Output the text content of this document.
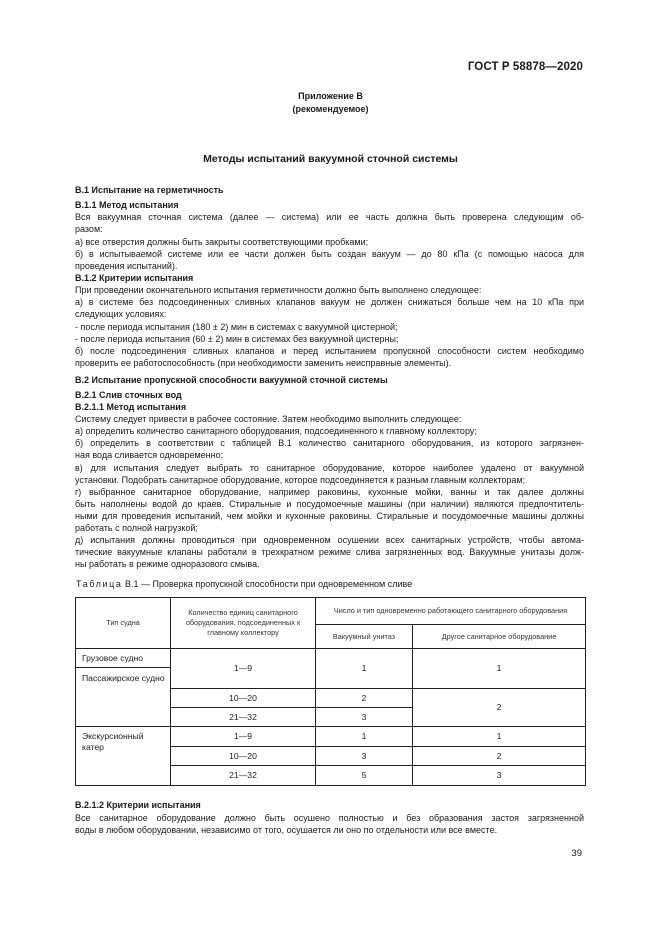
ГОСТ Р 58878—2020
Приложение В
(рекомендуемое)
Методы испытаний вакуумной сточной системы
В.1 Испытание на герметичность
В.1.1 Метод испытания
Вся вакуумная сточная система (далее — система) или ее часть должна быть проверена следующим об-
разом:
а) все отверстия должны быть закрыты соответствующими пробками;
б) в испытываемой системе или ее части должен быть создан вакуум — до 80 кПа (с помощью насоса для
проведения испытаний).
В.1.2 Критерии испытания
При проведении окончательного испытания герметичности должно быть выполнено следующее:
а) в системе без подсоединенных сливных клапанов вакуум не должен снижаться больше чем на 10 кПа при
следующих условиях:
- после периода испытания (180 ± 2) мин в системах с вакуумной цистерной;
- после периода испытания (60 ± 2) мин в системах без вакуумной цистерны;
б) после подсоединения сливных клапанов и перед испытанием пропускной способности систем необходимо
проверить ее работоспособность (при необходимости заменить неисправные элементы).
В.2 Испытание пропускной способности вакуумной сточной системы
В.2.1 Слив сточных вод
В.2.1.1 Метод испытания
Систему следует привести в рабочее состояние. Затем необходимо выполнить следующее:
а) определить количество санитарного оборудования, подсоединенного к главному коллектору;
б) определить в соответствии с таблицей В.1 количество санитарного оборудования, из которого загрязнен-
ная вода сливается одновременно;
в) для испытания следует выбрать то санитарное оборудование, которое наиболее удалено от вакуумной
установки. Подобрать санитарное оборудование, которое подсоединяется к разным главным коллекторам;
г) выбранное санитарное оборудование, например раковины, кухонные мойки, ванны и так далее должны
быть наполнены водой до краев. Стиральные и посудомоечные машины (при наличии) являются предпочтитель-
ными для проведения испытаний, чем мойки и кухонные раковины. Стиральные и посудомоечные машины должны
работать с полной нагрузкой;
д) испытания должны проводиться при одновременном осушении всех санитарных устройств, чтобы автома-
тические вакуумные клапаны работали в трехкратном режиме слива загрязненных вод. Вакуумные унитазы долж-
ны работать в режиме одноразового смыва.
Таблица В.1 — Проверка пропускной способности при одновременном сливе
Тип судна	Количество единиц санитарного оборудования, подсоединенных к главному коллектору	Число и тип одновременно работающего санитарного оборудования	
		Вакуумный унитаз	Другое санитарное оборудование
Грузовое судно	1—9	1	1
Пассажирское судно			
	10—20	2	2
	21—32	3	
Экскурсионный катер	1—9	1	1
	10—20	3	2
	21—32	5	3
В.2.1.2 Критерии испытания
Все санитарное оборудование должно быть осушено полностью и без образования застоя загрязненной
воды в любом оборудовании, независимо от того, осушается ли оно по отдельности или все вместе.
39
